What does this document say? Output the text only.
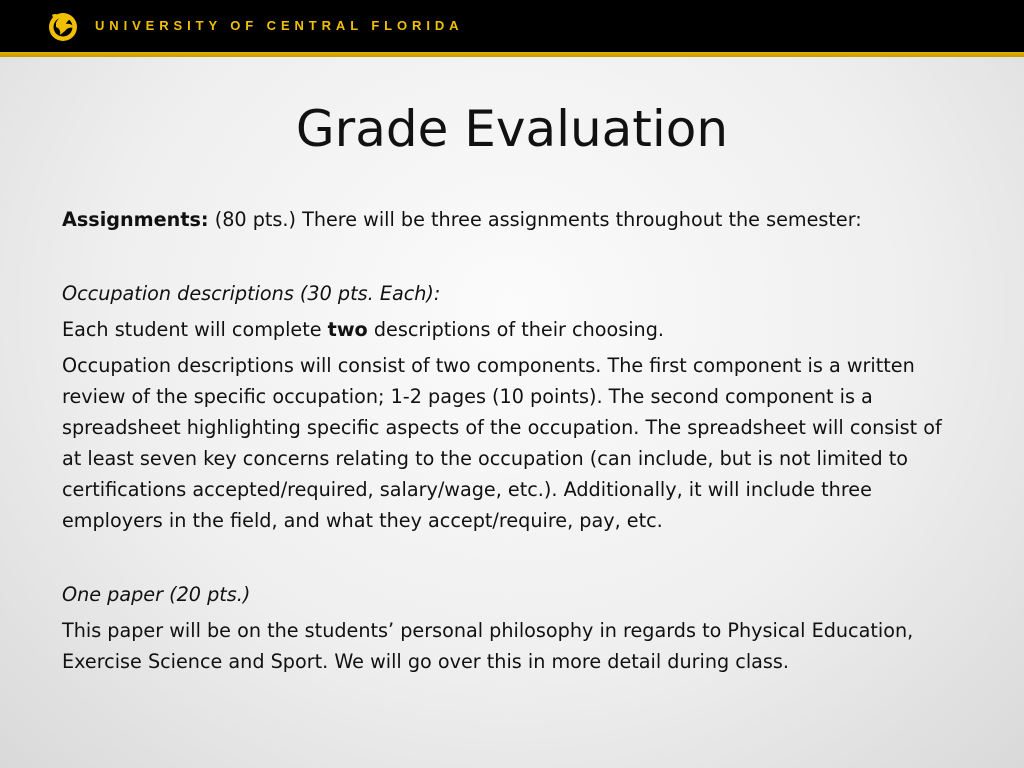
UNIVERSITY OF CENTRAL FLORIDA
Grade Evaluation

Assignments: (80 pts.) There will be three assignments throughout the semester:

Occupation descriptions (30 pts. Each):

Each student will complete two descriptions of their choosing.

Occupation descriptions will consist of two components. The first component is a written review of the specific occupation; 1-2 pages (10 points). The second component is a spreadsheet highlighting specific aspects of the occupation. The spreadsheet will consist of at least seven key concerns relating to the occupation (can include, but is not limited to certifications accepted/required, salary/wage, etc.). Additionally, it will include three employers in the field, and what they accept/require, pay, etc.

One paper (20 pts.)

This paper will be on the students’ personal philosophy in regards to Physical Education, Exercise Science and Sport. We will go over this in more detail during class.
